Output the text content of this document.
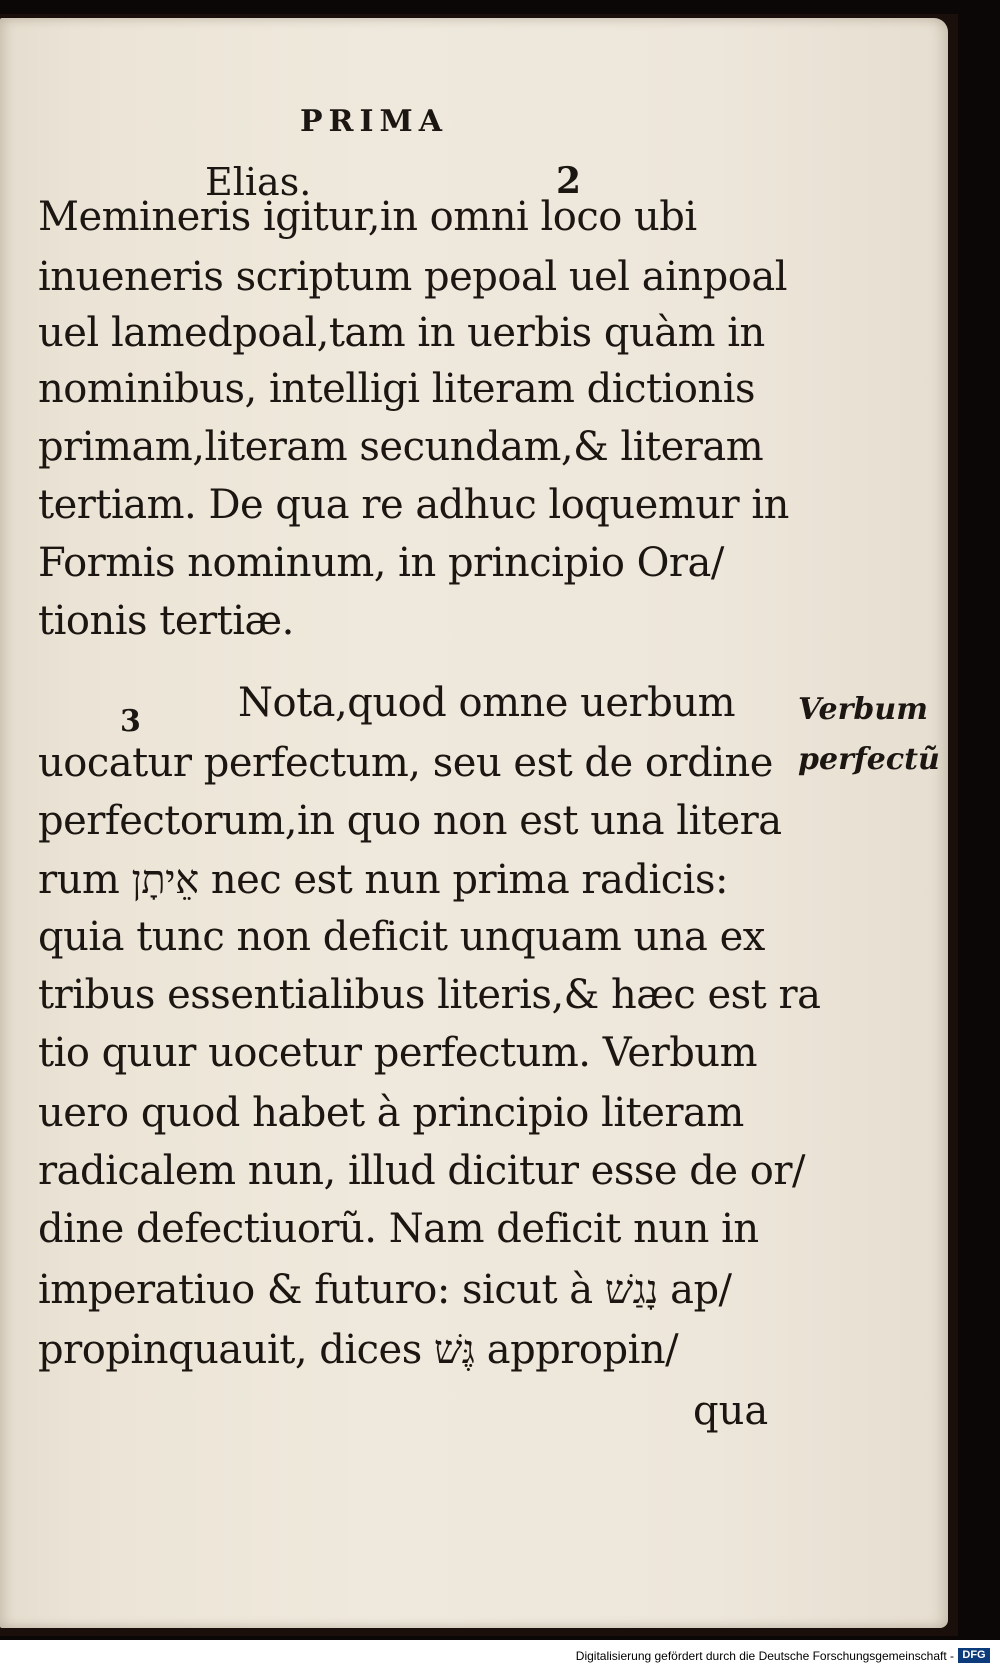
PRIMA
Elias.	2
Memineris igitur,in omni loco ubi
inueneris scriptum pepoal uel ainpoal
uel lamedpoal,tam in uerbis quàm in
nominibus, intelligi literam dictionis
primam,literam secundam,& literam
tertiam. De qua re adhuc loquemur in
Formis nominum, in principio Ora/
tionis tertiæ.
3 Nota,quod omne uerbum
uocatur perfectum, seu est de ordine
perfectorum,in quo non est una litera
rum אֵיתָן nec est nun prima radicis:
quia tunc non deficit unquam una ex
tribus essentialibus literis,& hæc est ra
tio quur uocetur perfectum. Verbum
uero quod habet à principio literam
radicalem nun, illud dicitur esse de or/
dine defectiuorũ. Nam deficit nun in
imperatiuo & futuro: sicut à נָגַשׁ ap/
propinquauit, dices גֶּשׁ appropin/
qua
Verbum
perfectũ
Digitalisierung gefördert durch die Deutsche Forschungsgemeinschaft - DFG
